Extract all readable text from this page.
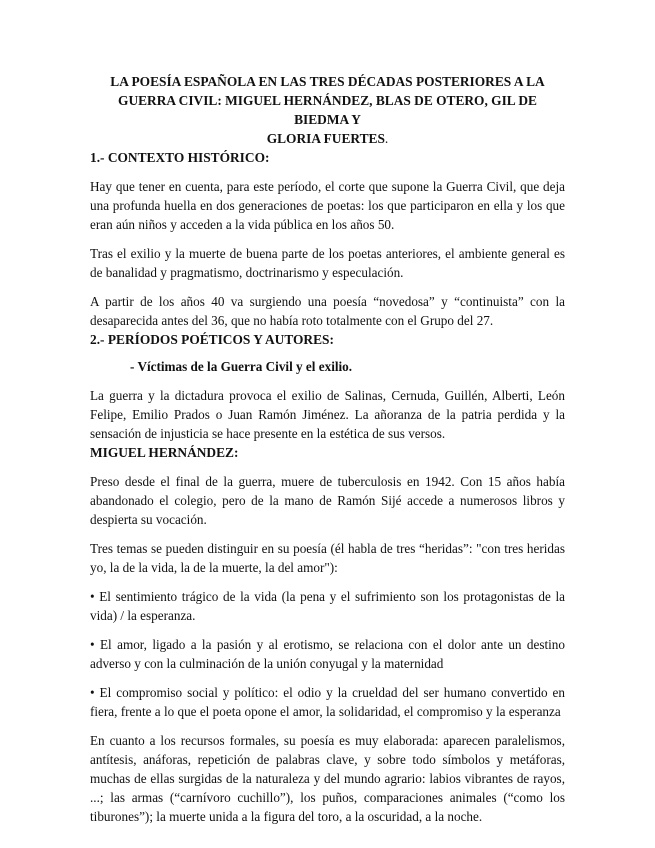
LA POESÍA ESPAÑOLA EN LAS TRES DÉCADAS POSTERIORES A LA
GUERRA CIVIL: MIGUEL HERNÁNDEZ, BLAS DE OTERO, GIL DE BIEDMA Y
GLORIA FUERTES.
1.- CONTEXTO HISTÓRICO:

Hay que tener en cuenta, para este período, el corte que supone la Guerra Civil, que deja una profunda huella en dos generaciones de poetas: los que participaron en ella y los que eran aún niños y acceden a la vida pública en los años 50.

Tras el exilio y la muerte de buena parte de los poetas anteriores, el ambiente general es de banalidad y pragmatismo, doctrinarismo y especulación.

A partir de los años 40 va surgiendo una poesía “novedosa” y “continuista” con la desaparecida antes del 36, que no había roto totalmente con el Grupo del 27.

2.- PERÍODOS POÉTICOS Y AUTORES:

- Víctimas de la Guerra Civil y el exilio.

La guerra y la dictadura provoca el exilio de Salinas, Cernuda, Guillén, Alberti, León Felipe, Emilio Prados o Juan Ramón Jiménez. La añoranza de la patria perdida y la sensación de injusticia se hace presente en la estética de sus versos.

MIGUEL HERNÁNDEZ:

Preso desde el final de la guerra, muere de tuberculosis en 1942. Con 15 años había abandonado el colegio, pero de la mano de Ramón Sijé accede a numerosos libros y despierta su vocación.

Tres temas se pueden distinguir en su poesía (él habla de tres “heridas”: "con tres heridas yo, la de la vida, la de la muerte, la del amor"):

• El sentimiento trágico de la vida (la pena y el sufrimiento son los protagonistas de la vida) / la esperanza.

• El amor, ligado a la pasión y al erotismo, se relaciona con el dolor ante un destino adverso y con la culminación de la unión conyugal y la maternidad

• El compromiso social y político: el odio y la crueldad del ser humano convertido en fiera, frente a lo que el poeta opone el amor, la solidaridad, el compromiso y la esperanza

En cuanto a los recursos formales, su poesía es muy elaborada: aparecen paralelismos, antítesis, anáforas, repetición de palabras clave, y sobre todo símbolos y metáforas, muchas de ellas surgidas de la naturaleza y del mundo agrario: labios vibrantes de rayos, ...; las armas (“carnívoro cuchillo”), los puños, comparaciones animales (“como los tiburones”); la muerte unida a la figura del toro, a la oscuridad, a la noche.
